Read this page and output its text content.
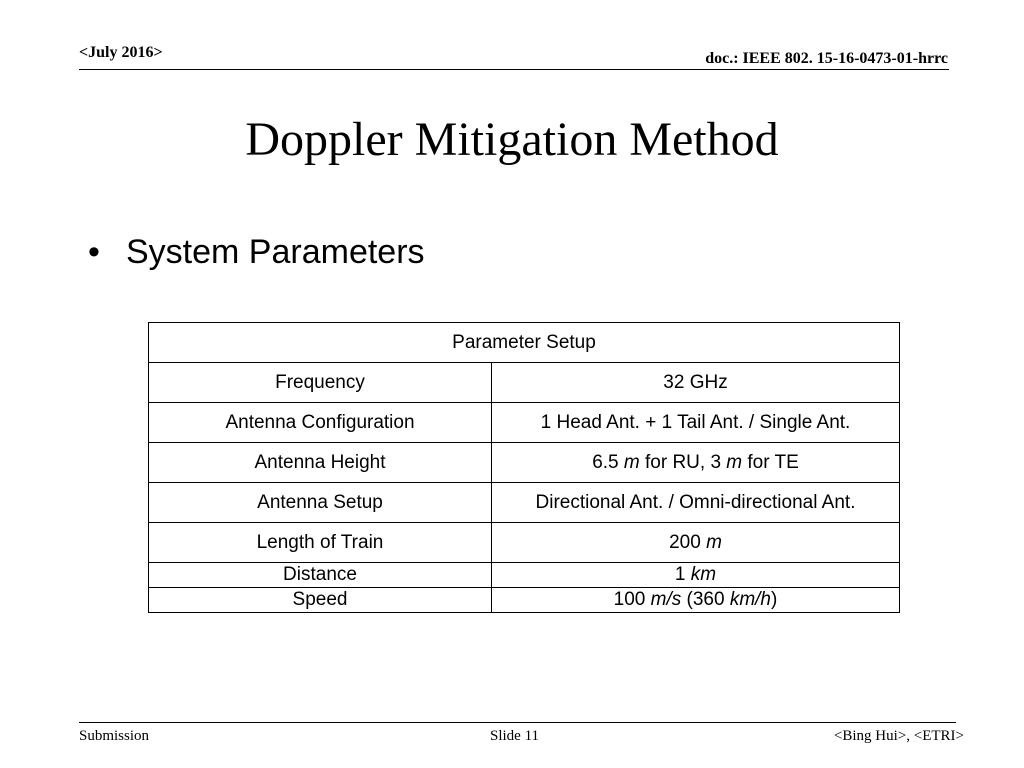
<July 2016>	doc.: IEEE 802. 15-16-0473-01-hrrc
Doppler Mitigation Method
• System Parameters
Parameter Setup	
Frequency	32 GHz
Antenna Configuration	1 Head Ant. + 1 Tail Ant. / Single Ant.
Antenna Height	6.5 m for RU, 3 m for TE
Antenna Setup	Directional Ant. / Omni-directional Ant.
Length of Train	200 m
Distance	1 km
Speed	100 m/s (360 km/h)
Submission	Slide 11	<Bing Hui>, <ETRI>
